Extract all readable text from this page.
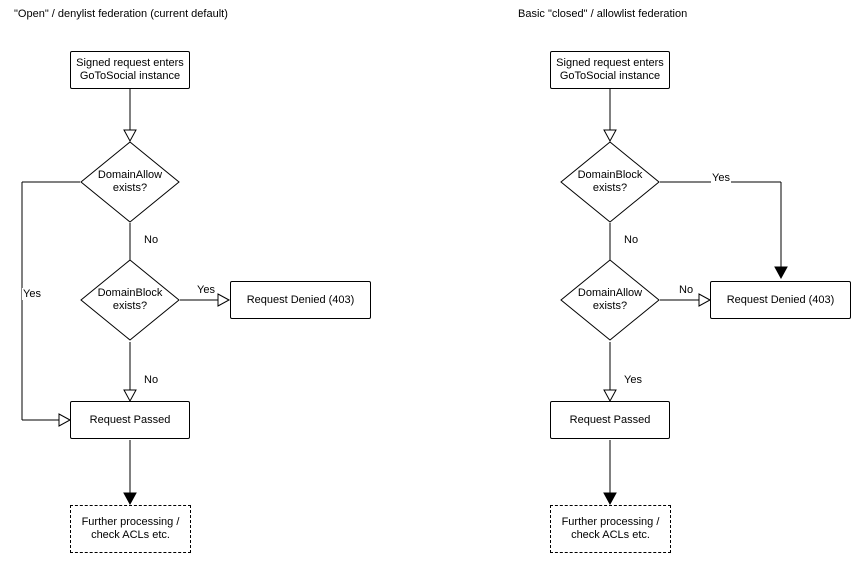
"Open" / denylist federation (current default)	Basic "closed" / allowlist federation
Signed request enters
GoToSocial instance
DomainAllow
exists?
DomainBlock
exists?
Request Denied (403)
Request Passed
Further processing /
check ACLs etc.
Yes
No
Yes
No
Signed request enters
GoToSocial instance
DomainBlock
exists?
DomainAllow
exists?
Request Denied (403)
Request Passed
Further processing /
check ACLs etc.
Yes
No
No
Yes
